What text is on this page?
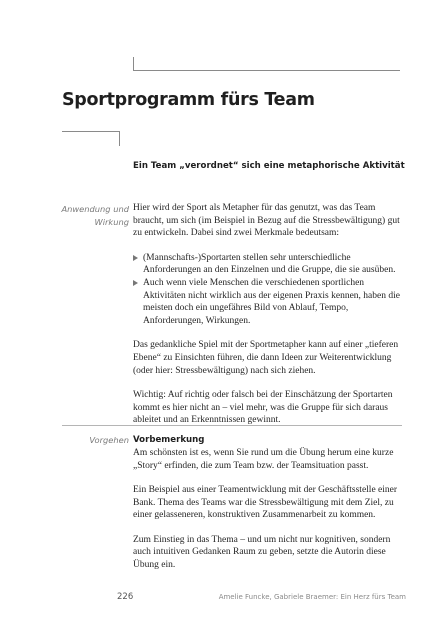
Sportprogramm fürs Team
Ein Team „verordnet“ sich eine metaphorische Aktivität
Anwendung und
Wirkung

Hier wird der Sport als Metapher für das genutzt, was das Team braucht, um sich (im Beispiel in Bezug auf die Stressbewältigung) gut zu entwickeln. Dabei sind zwei Merkmale bedeutsam:

(Mannschafts-)Sportarten stellen sehr unterschiedliche Anforderungen an den Einzelnen und die Gruppe, die sie ausüben.
Auch wenn viele Menschen die verschiedenen sportlichen Aktivitäten nicht wirklich aus der eigenen Praxis kennen, haben die meisten doch ein ungefähres Bild von Ablauf, Tempo, Anforderungen, Wirkungen.

Das gedankliche Spiel mit der Sportmetapher kann auf einer „tieferen Ebene“ zu Einsichten führen, die dann Ideen zur Weiterentwicklung (oder hier: Stressbewältigung) nach sich ziehen.

Wichtig: Auf richtig oder falsch bei der Einschätzung der Sportarten kommt es hier nicht an – viel mehr, was die Gruppe für sich daraus ableitet und an Erkenntnissen gewinnt.

Vorgehen Vorbemerkung

Am schönsten ist es, wenn Sie rund um die Übung herum eine kurze „Story“ erfinden, die zum Team bzw. der Teamsituation passt.

Ein Beispiel aus einer Teamentwicklung mit der Geschäftsstelle einer Bank. Thema des Teams war die Stressbewältigung mit dem Ziel, zu einer gelasseneren, konstruktiven Zusammenarbeit zu kommen.

Zum Einstieg in das Thema – und um nicht nur kognitiven, sondern auch intuitiven Gedanken Raum zu geben, setzte die Autorin diese Übung ein.

226	Amelie Funcke, Gabriele Braemer: Ein Herz fürs Team
